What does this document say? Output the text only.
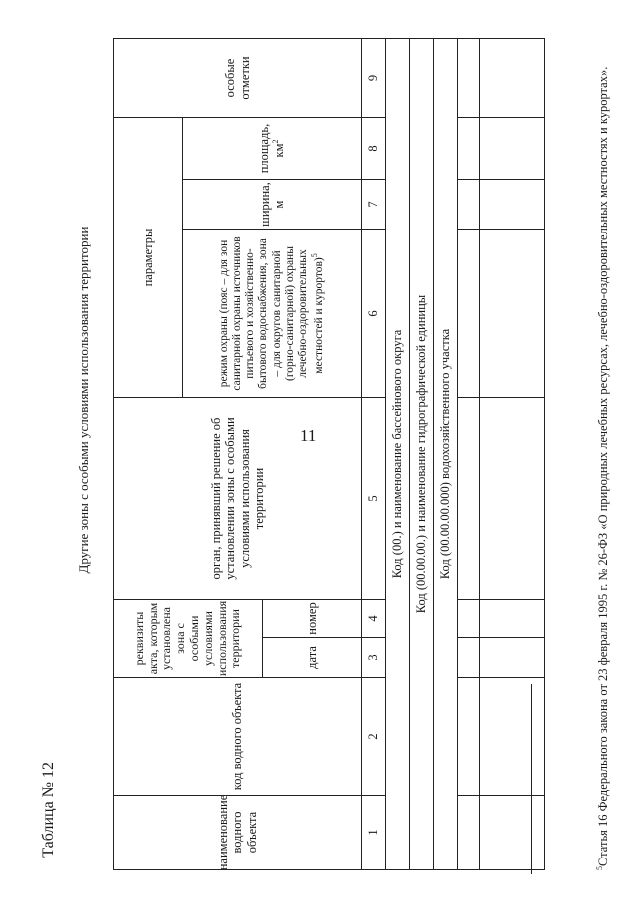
11
Таблица № 12
Другие зоны с особыми условиями использования территории
наименование водного объекта
код водного объекта
реквизиты акта, которым установлена зона с особыми условиями использования территории	дата
номер
орган, принявший решение об установлении зоны с особыми условиями использования территории
параметры	режим охраны (пояс – для зон санитарной охраны источников питьевого и хозяйственно-бытового водоснабжения, зона – для округов санитарной (горно-санитарной) охраны лечебно-оздоровительных местностей и курортов)$^5$
ширина, м
площадь, $км^2$
особые отметки
1
2
3
4
5
6
7
8
9
Код (00.) и наименование бассейнового округа Код (00.00.00.) и наименование гидрографической единицы Код (00.00.00.000) водохозяйственного участка
$^5$Статья 16 Федерального закона от 23 февраля 1995 г. № 26-ФЗ «О природных лечебных ресурсах, лечебно-оздоровительных местностях и курортах».
